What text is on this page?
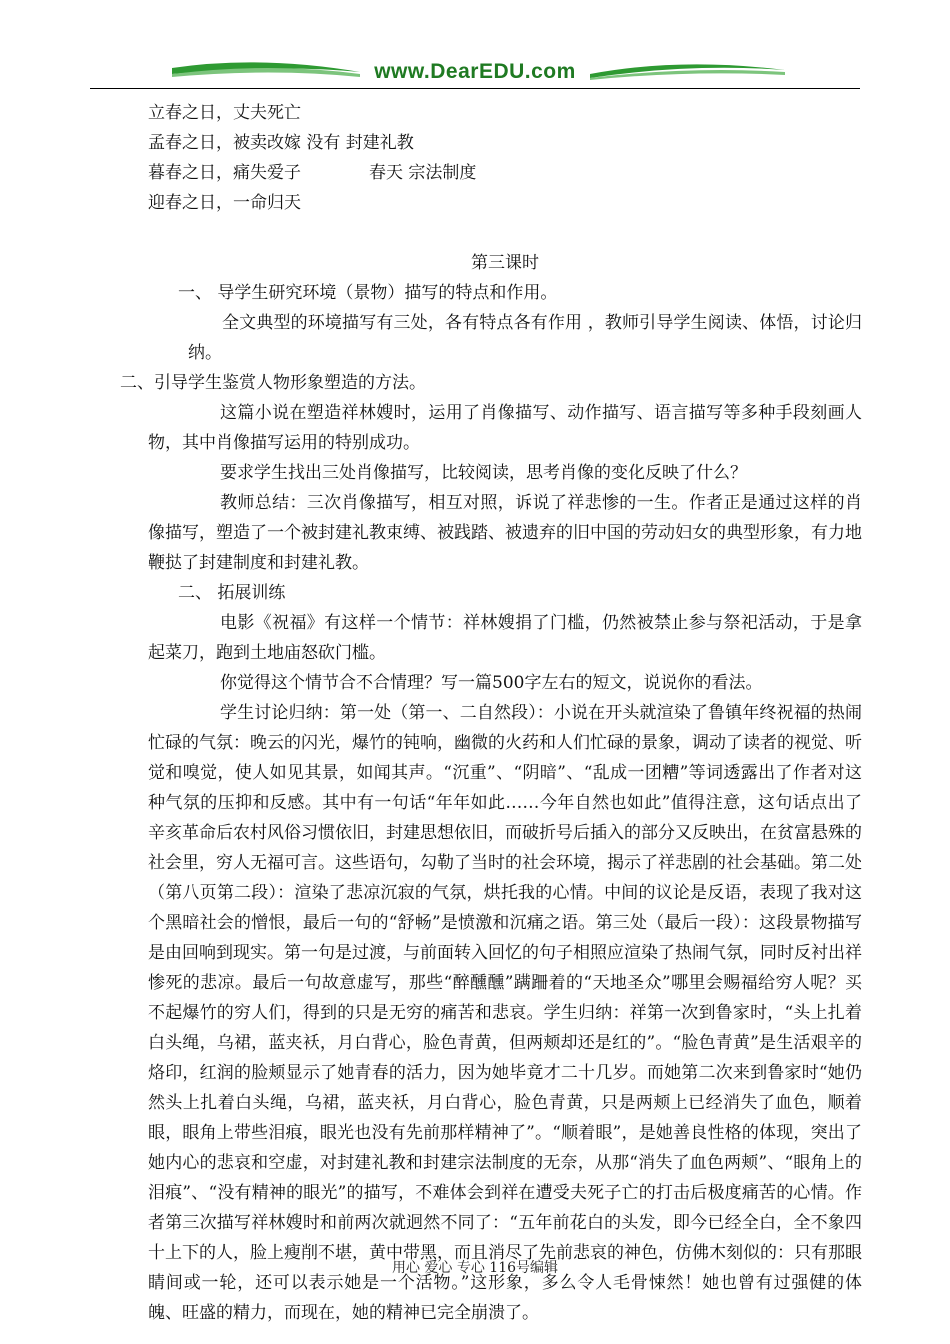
www.DearEDU.com

立春之日，丈夫死亡

孟春之日，被卖改嫁 没有 封建礼教

暮春之日，痛失爱子　　　　春天 宗法制度

迎春之日，一命归天

第三课时

一、 导学生研究环境（景物）描写的特点和作用。

全文典型的环境描写有三处，各有特点各有作用 ，教师引导学生阅读、体悟，讨论归纳。

二、引导学生鉴赏人物形象塑造的方法。

这篇小说在塑造祥林嫂时，运用了肖像描写、动作描写、语言描写等多种手段刻画人物，其中肖像描写运用的特别成功。

要求学生找出三处肖像描写，比较阅读，思考肖像的变化反映了什么？

教师总结：三次肖像描写，相互对照，诉说了祥悲惨的一生。作者正是通过这样的肖像描写，塑造了一个被封建礼教束缚、被践踏、被遗弃的旧中国的劳动妇女的典型形象，有力地鞭挞了封建制度和封建礼教。

二、 拓展训练

电影《祝福》有这样一个情节：祥林嫂捐了门槛，仍然被禁止参与祭祀活动，于是拿起菜刀，跑到土地庙怒砍门槛。

你觉得这个情节合不合情理？写一篇500字左右的短文，说说你的看法。

学生讨论归纳：第一处（第一、二自然段）：小说在开头就渲染了鲁镇年终祝福的热闹忙碌的气氛：晚云的闪光，爆竹的钝响，幽微的火药和人们忙碌的景象，调动了读者的视觉、听觉和嗅觉，使人如见其景，如闻其声。“沉重”、“阴暗”、“乱成一团糟”等词透露出了作者对这种气氛的压抑和反感。其中有一句话“年年如此……今年自然也如此”值得注意，这句话点出了辛亥革命后农村风俗习惯依旧，封建思想依旧，而破折号后插入的部分又反映出，在贫富悬殊的社会里，穷人无福可言。这些语句，勾勒了当时的社会环境，揭示了祥悲剧的社会基础。第二处（第八页第二段）：渲染了悲凉沉寂的气氛，烘托我的心情。中间的议论是反语，表现了我对这个黑暗社会的憎恨，最后一句的“舒畅”是愤激和沉痛之语。第三处（最后一段）：这段景物描写是由回响到现实。第一句是过渡，与前面转入回忆的句子相照应渲染了热闹气氛，同时反衬出祥惨死的悲凉。最后一句故意虚写，那些“醉醺醺”蹒跚着的“天地圣众”哪里会赐福给穷人呢？买不起爆竹的穷人们，得到的只是无穷的痛苦和悲哀。学生归纳：祥第一次到鲁家时，“头上扎着白头绳，乌裙，蓝夹袄，月白背心，脸色青黄，但两颊却还是红的”。“脸色青黄”是生活艰辛的烙印，红润的脸颊显示了她青春的活力，因为她毕竟才二十几岁。而她第二次来到鲁家时“她仍然头上扎着白头绳，乌裙，蓝夹袄，月白背心，脸色青黄，只是两颊上已经消失了血色，顺着眼，眼角上带些泪痕，眼光也没有先前那样精神了”。“顺着眼”，是她善良性格的体现，突出了她内心的悲哀和空虚，对封建礼教和封建宗法制度的无奈，从那“消失了血色两颊”、“眼角上的泪痕”、“没有精神的眼光”的描写，不难体会到祥在遭受夫死子亡的打击后极度痛苦的心情。作者第三次描写祥林嫂时和前两次就迥然不同了：“五年前花白的头发，即今已经全白，全不象四十上下的人，脸上瘦削不堪，黄中带黑，而且消尽了先前悲哀的神色，仿佛木刻似的：只有那眼睛间或一轮，还可以表示她是一个活物。”这形象，多么令人毛骨悚然！她也曾有过强健的体魄、旺盛的精力，而现在，她的精神已完全崩溃了。

用心 爱心 专心 116号编辑
